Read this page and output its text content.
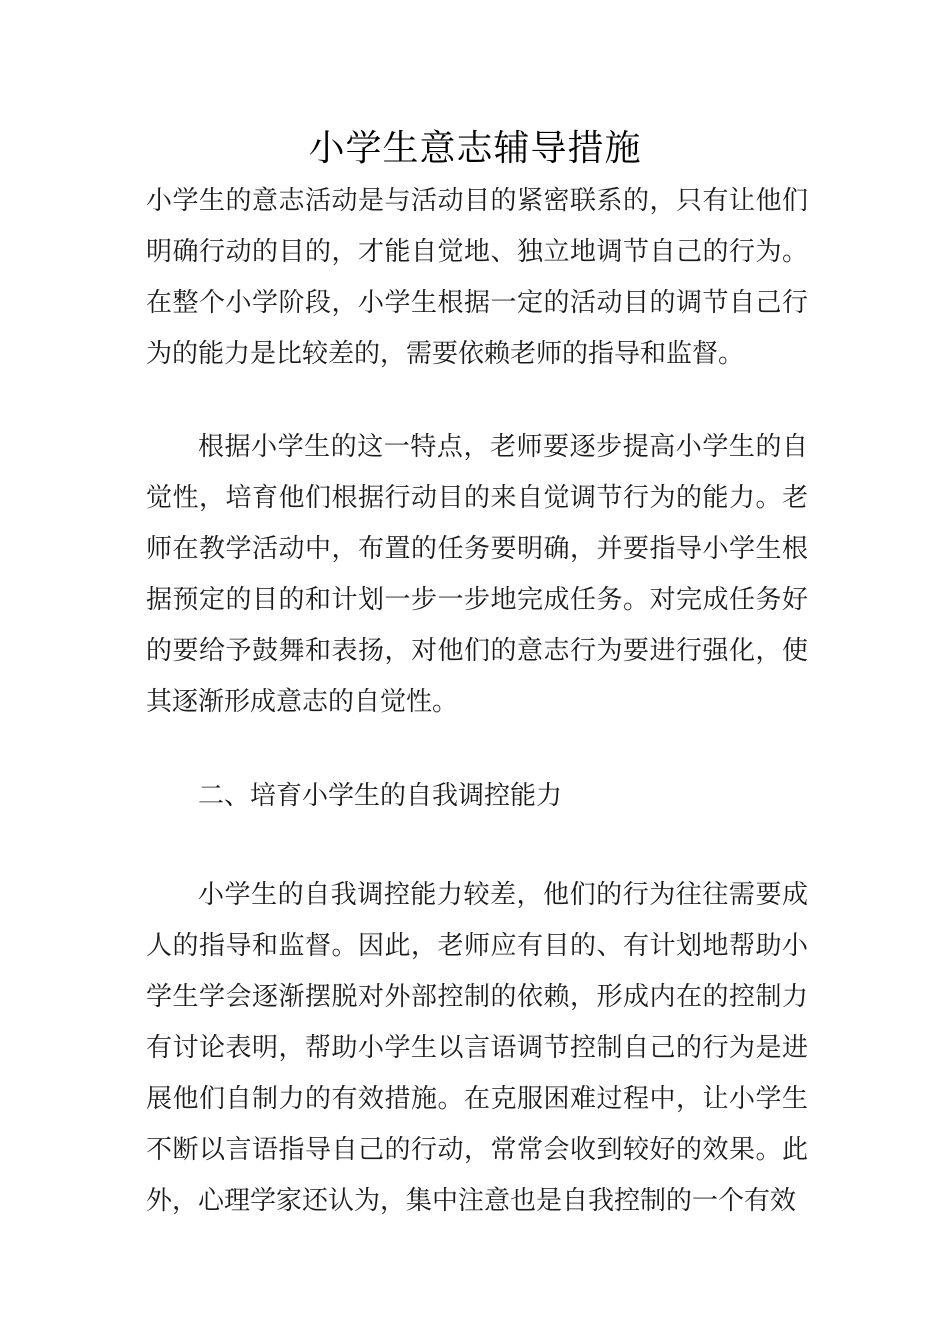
小学生意志辅导措施
小学生的意志活动是与活动目的紧密联系的，只有让他们明确行动的目的，才能自觉地、独立地调节自己的行为。在整个小学阶段，小学生根据一定的活动目的调节自己行为的能力是比较差的，需要依赖老师的指导和监督。
根据小学生的这一特点，老师要逐步提高小学生的自觉性，培育他们根据行动目的来自觉调节行为的能力。老师在教学活动中，布置的任务要明确，并要指导小学生根据预定的目的和计划一步一步地完成任务。对完成任务好的要给予鼓舞和表扬，对他们的意志行为要进行强化，使其逐渐形成意志的自觉性。
二、培育小学生的自我调控能力
小学生的自我调控能力较差，他们的行为往往需要成人的指导和监督。因此，老师应有目的、有计划地帮助小学生学会逐渐摆脱对外部控制的依赖，形成内在的控制力有讨论表明，帮助小学生以言语调节控制自己的行为是进展他们自制力的有效措施。在克服困难过程中，让小学生不断以言语指导自己的行动，常常会收到较好的效果。此外，心理学家还认为，集中注意也是自我控制的一个有效
